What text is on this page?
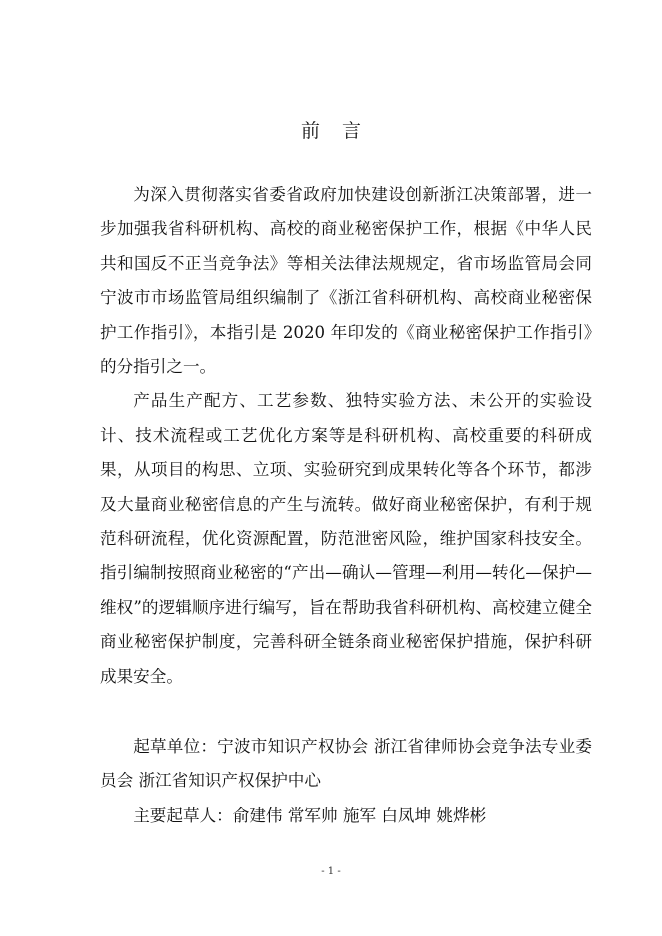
前言

为深入贯彻落实省委省政府加快建设创新浙江决策部署，进一步加强我省科研机构、高校的商业秘密保护工作，根据《中华人民共和国反不正当竞争法》等相关法律法规规定，省市场监管局会同宁波市市场监管局组织编制了《浙江省科研机构、高校商业秘密保护工作指引》，本指引是 2020 年印发的《商业秘密保护工作指引》的分指引之一。

产品生产配方、工艺参数、独特实验方法、未公开的实验设计、技术流程或工艺优化方案等是科研机构、高校重要的科研成果，从项目的构思、立项、实验研究到成果转化等各个环节，都涉及大量商业秘密信息的产生与流转。做好商业秘密保护，有利于规范科研流程，优化资源配置，防范泄密风险，维护国家科技安全。指引编制按照商业秘密的“产出—确认—管理—利用—转化—保护—维权”的逻辑顺序进行编写，旨在帮助我省科研机构、高校建立健全商业秘密保护制度，完善科研全链条商业秘密保护措施，保护科研成果安全。

起草单位：宁波市知识产权协会 浙江省律师协会竞争法专业委员会 浙江省知识产权保护中心

主要起草人：俞建伟 常军帅 施军 白凤坤 姚烨彬

- 1 -
